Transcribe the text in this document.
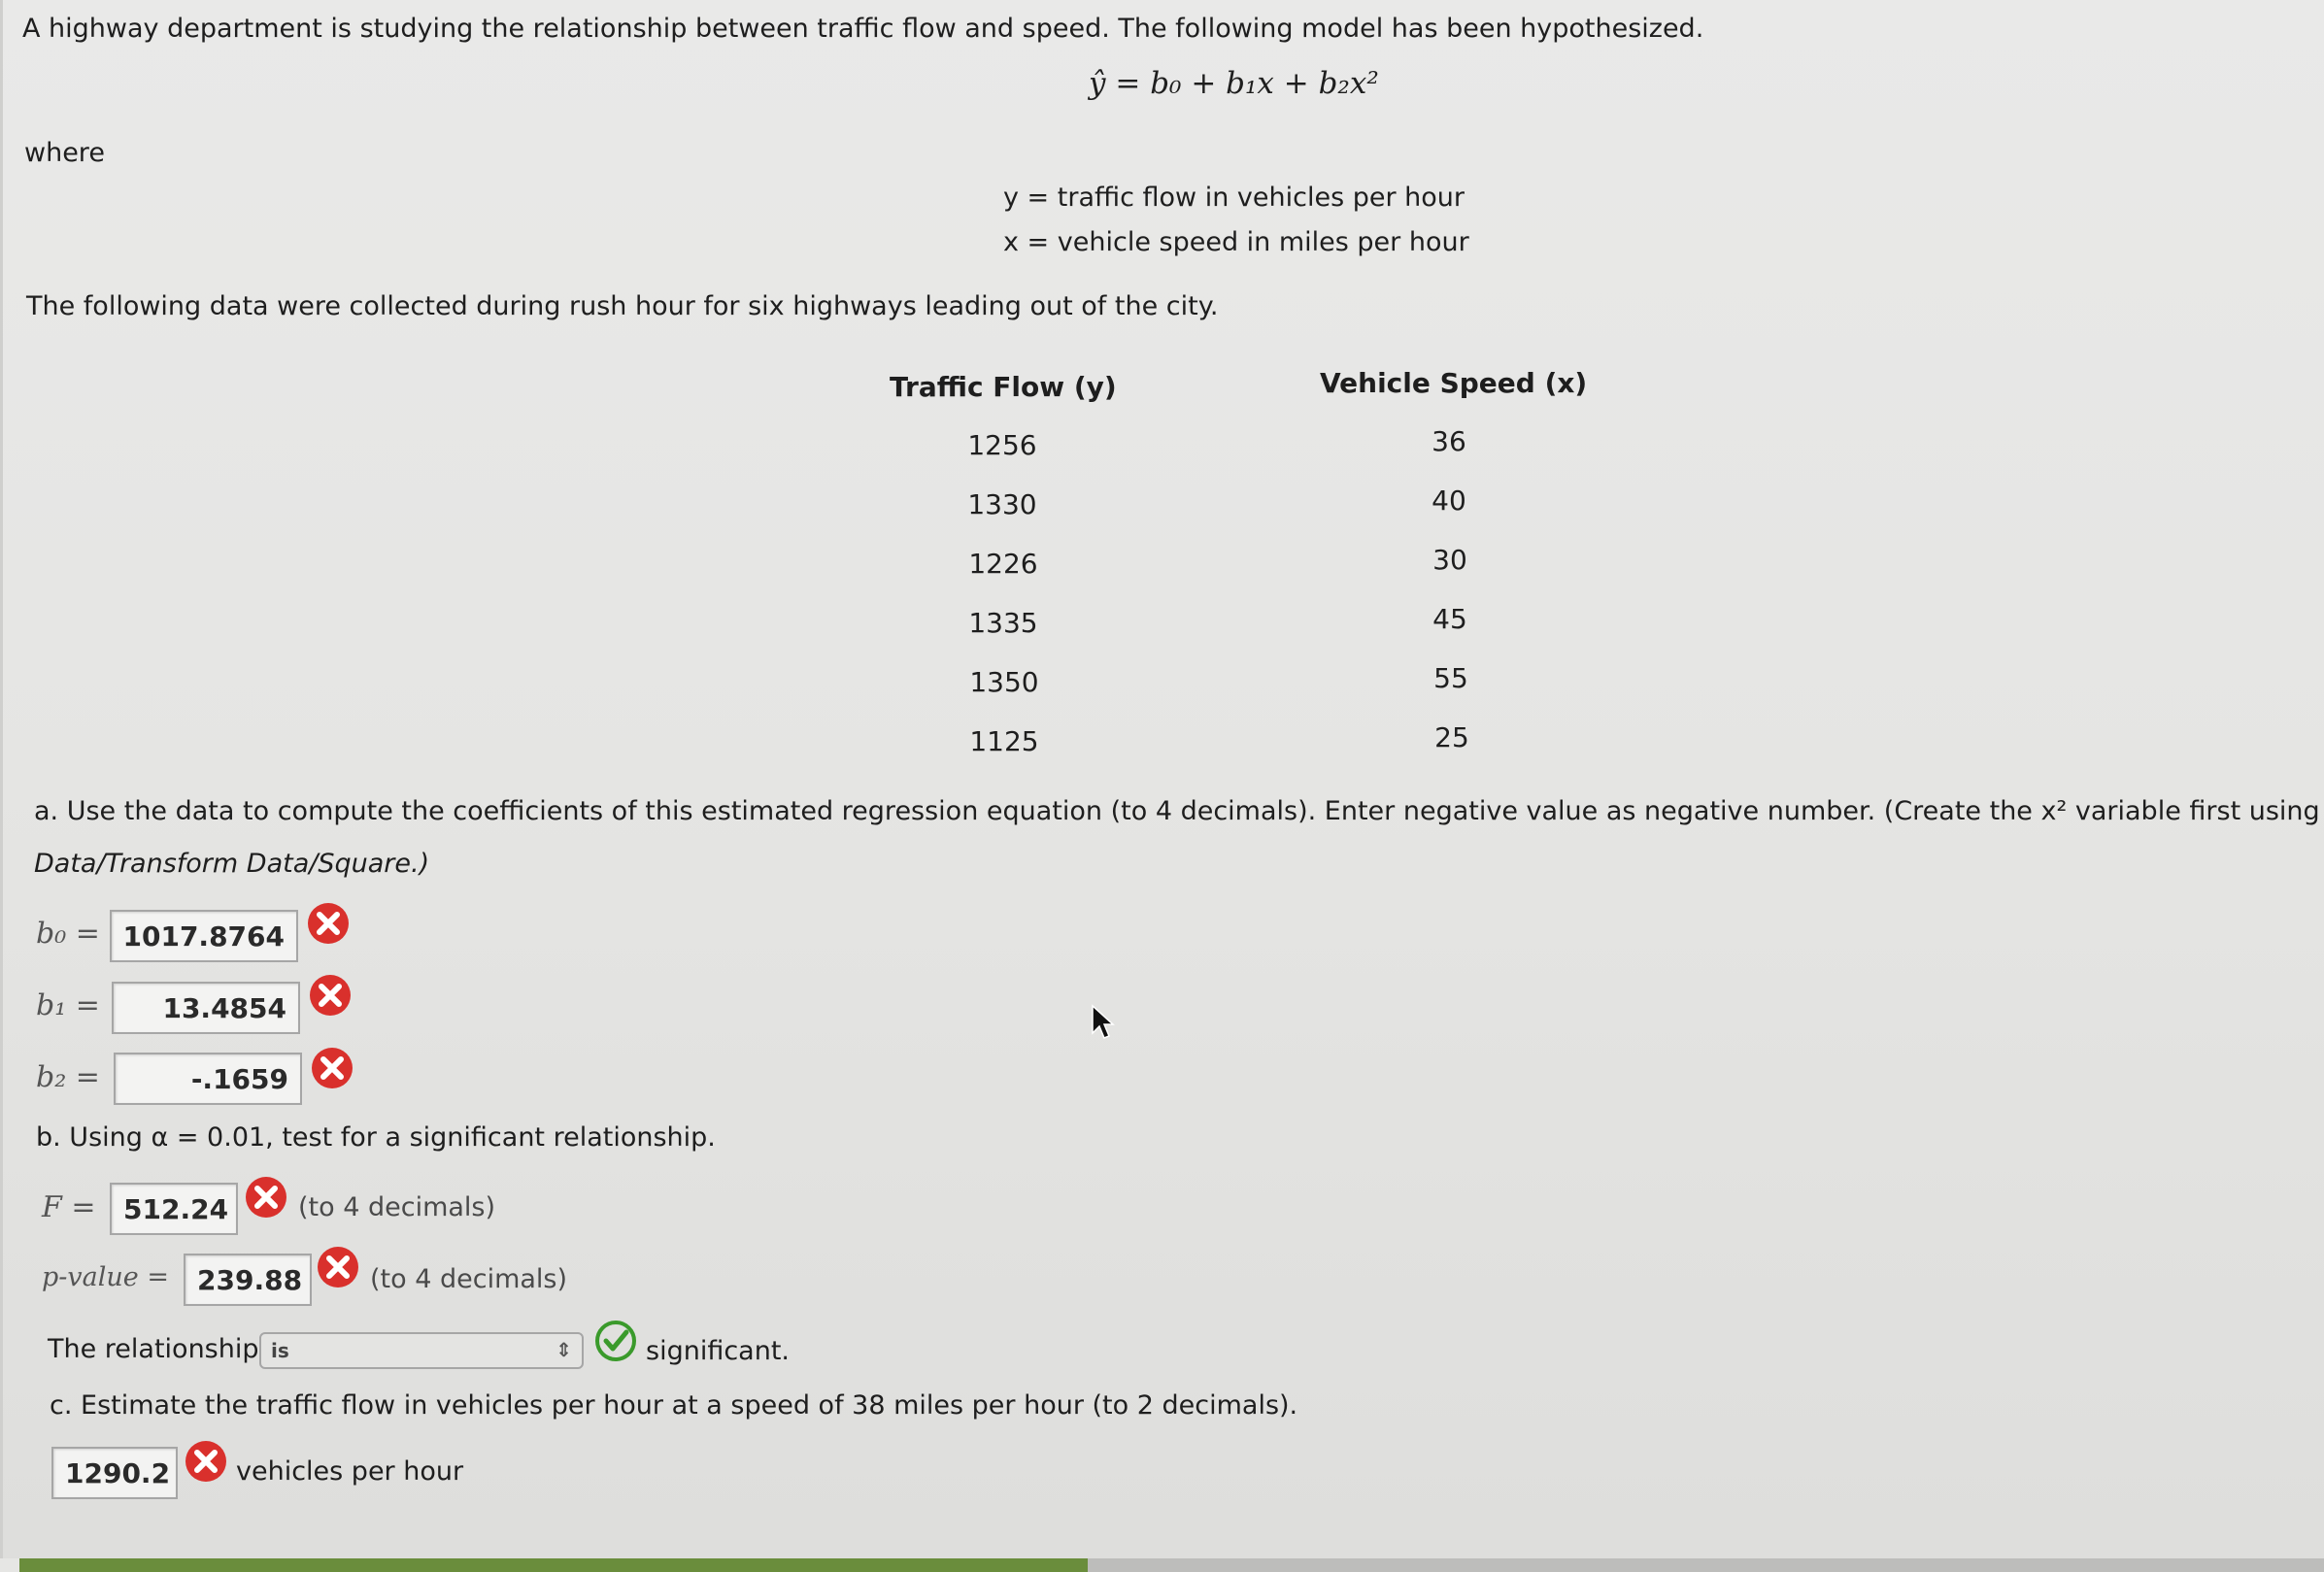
A highway department is studying the relationship between traffic flow and speed. The following model has been hypothesized.
ŷ = b₀ + b₁x + b₂x²
where
y = traffic flow in vehicles per hour
x = vehicle speed in miles per hour
The following data were collected during rush hour for six highways leading out of the city.
Traffic Flow (y)	Vehicle Speed (x)
1256	36
1330	40
1226	30
1335	45
1350	55
1125	25
a. Use the data to compute the coefficients of this estimated regression equation (to 4 decimals). Enter negative value as negative number. (Create the x² variable first using
Data/Transform Data/Square.)
b₀ = 1017.8764
b₁ =	13.4854
b₂ =	-.1659
b. Using α = 0.01, test for a significant relationship.
F =	512.24	(to 4 decimals)
p-value =	239.88	(to 4 decimals)
The relationship is	⇕	significant.
c. Estimate the traffic flow in vehicles per hour at a speed of 38 miles per hour (to 2 decimals).
1290.2	vehicles per hour
